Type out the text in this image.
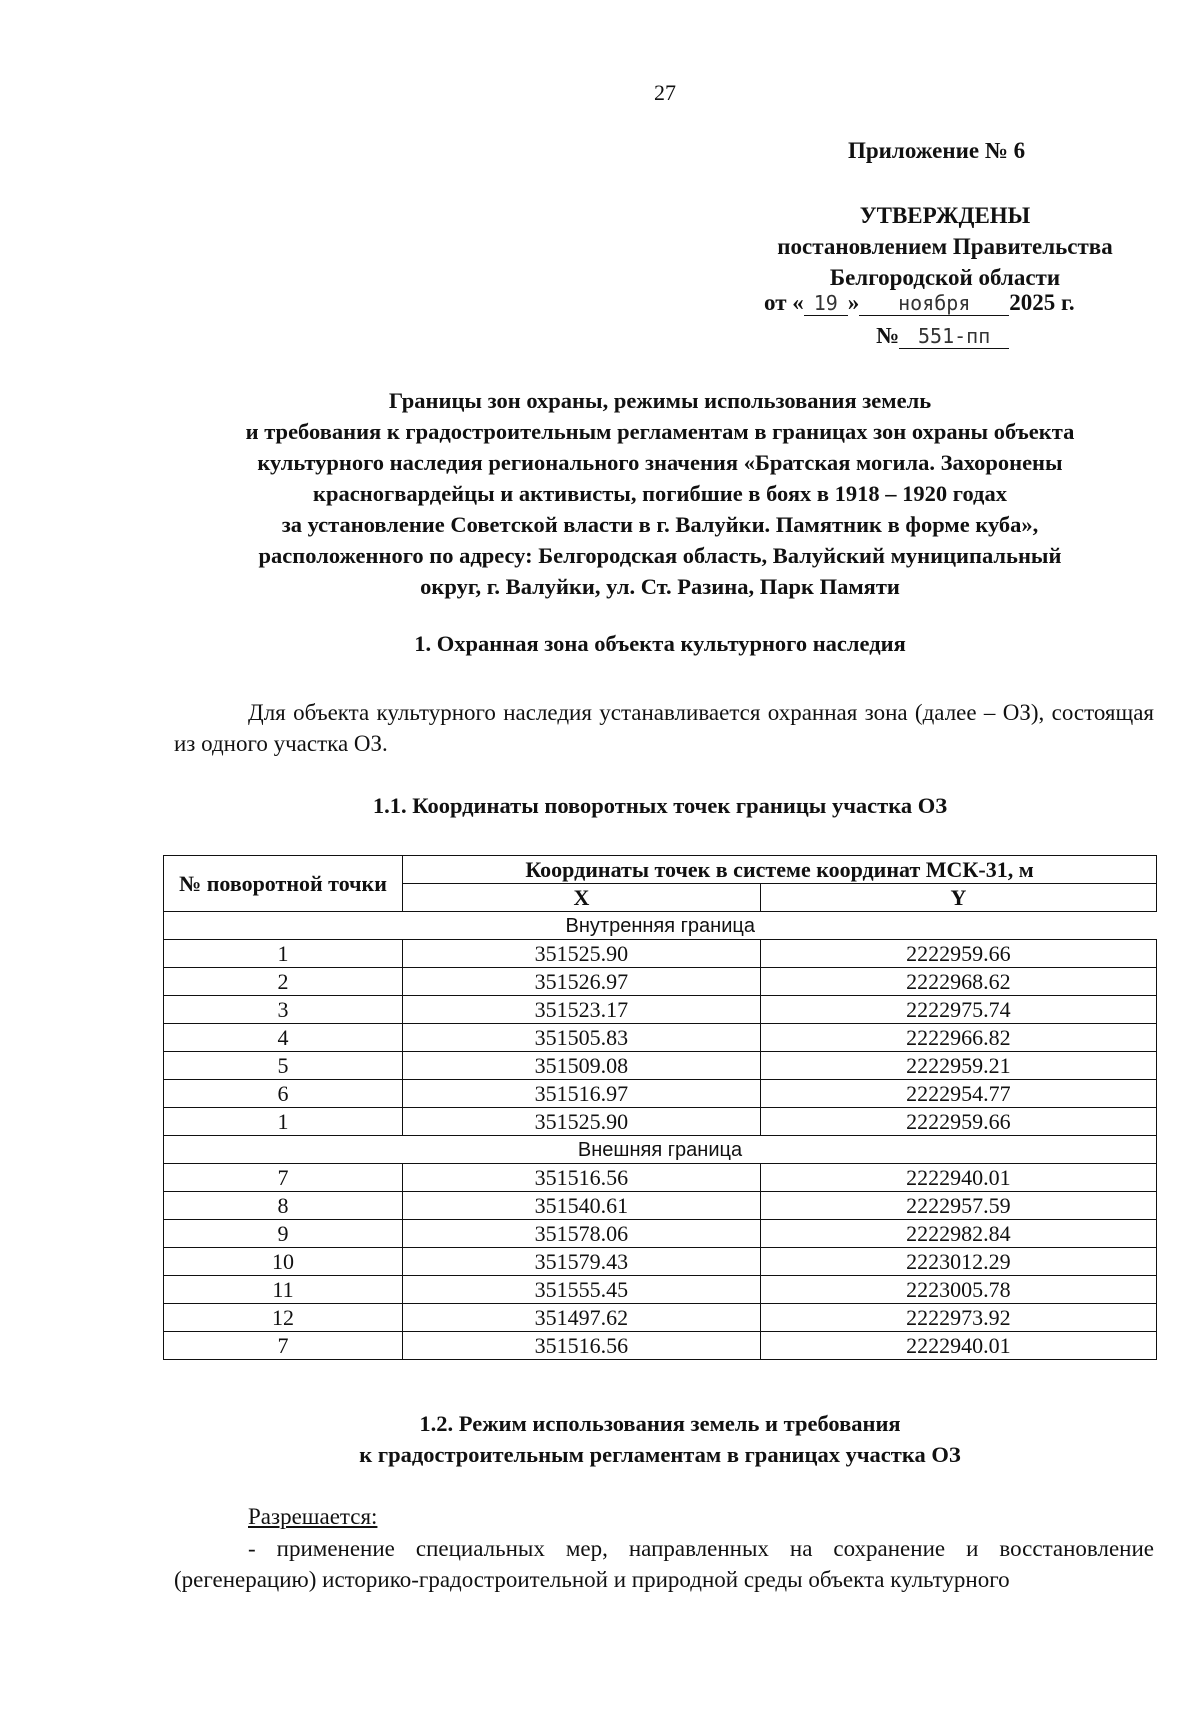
27
Приложение № 6
УТВЕРЖДЕНЫ
постановлением Правительства
Белгородской области
от « 19 » ноября 2025 г.
№ 551-пп
Границы зон охраны, режимы использования земель
и требования к градостроительным регламентам в границах зон охраны объекта
культурного наследия регионального значения «Братская могила. Захоронены
красногвардейцы и активисты, погибшие в боях в 1918 – 1920 годах
за установление Советской власти в г. Валуйки. Памятник в форме куба»,
расположенного по адресу: Белгородская область, Валуйский муниципальный
округ, г. Валуйки, ул. Ст. Разина, Парк Памяти
1. Охранная зона объекта культурного наследия
Для объекта культурного наследия устанавливается охранная зона (далее – ОЗ), состоящая из одного участка ОЗ.
1.1. Координаты поворотных точек границы участка ОЗ
№ поворотной точки	Координаты точек в системе координат МСК-31, м	
	X	Y
Внутренняя граница		
1	351525.90	2222959.66
2	351526.97	2222968.62
3	351523.17	2222975.74
4	351505.83	2222966.82
5	351509.08	2222959.21
6	351516.97	2222954.77
1	351525.90	2222959.66
Внешняя граница		
7	351516.56	2222940.01
8	351540.61	2222957.59
9	351578.06	2222982.84
10	351579.43	2223012.29
11	351555.45	2223005.78
12	351497.62	2222973.92
7	351516.56	2222940.01
1.2. Режим использования земель и требования
к градостроительным регламентам в границах участка ОЗ
Разрешается:
- применение специальных мер, направленных на сохранение и восстановление (регенерацию) историко-градостроительной и природной среды объекта культурного
